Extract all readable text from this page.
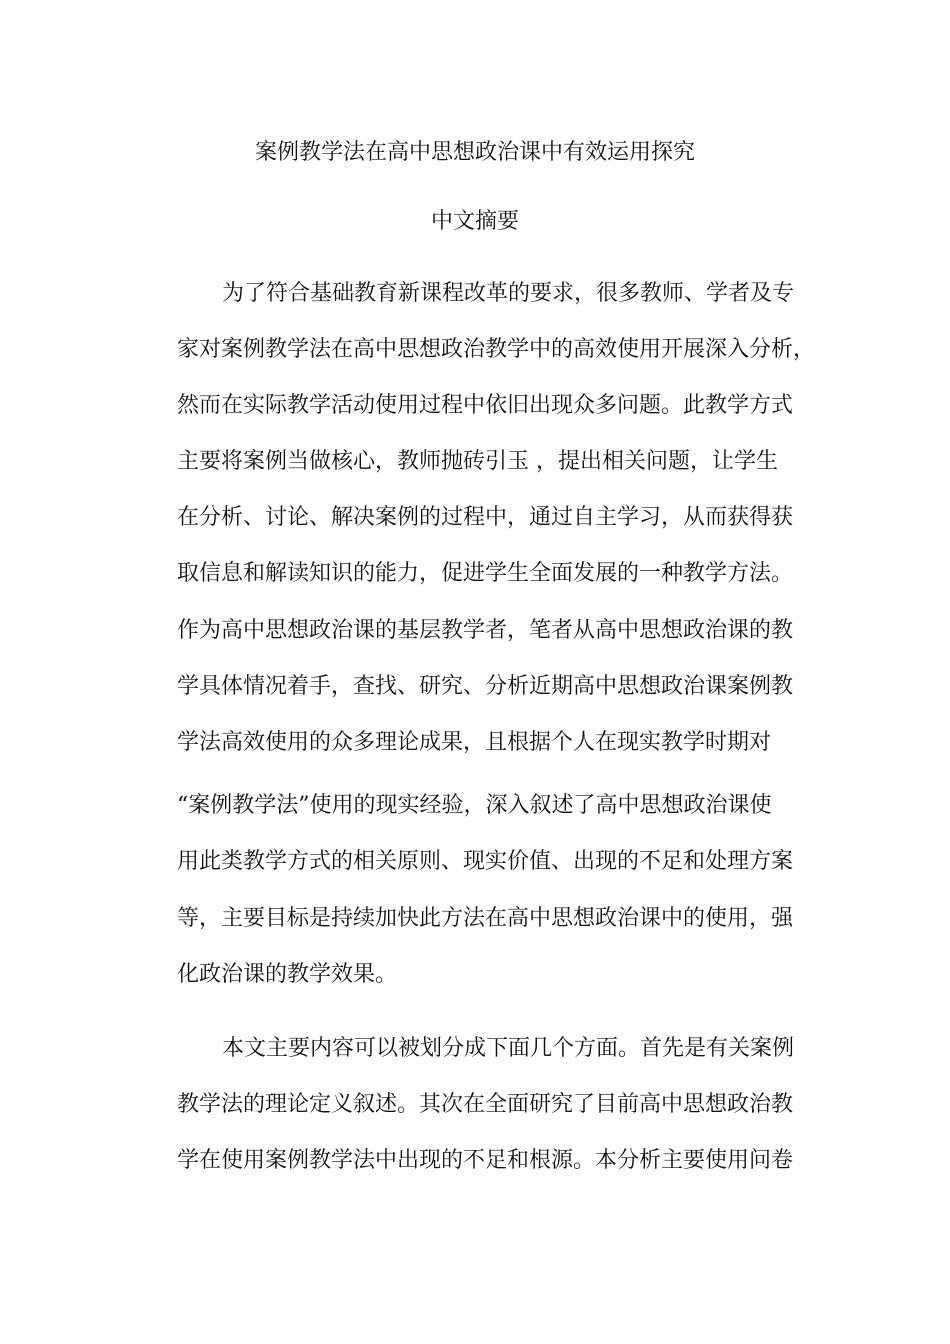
案例教学法在高中思想政治课中有效运用探究
中文摘要
为了符合基础教育新课程改革的要求，很多教师、学者及专
家对案例教学法在高中思想政治教学中的高效使用开展深入分析，
然而在实际教学活动使用过程中依旧出现众多问题。此教学方式
主要将案例当做核心，教师抛砖引玉 ，提出相关问题，让学生
在分析、讨论、解决案例的过程中，通过自主学习，从而获得获
取信息和解读知识的能力，促进学生全面发展的一种教学方法。
作为高中思想政治课的基层教学者，笔者从高中思想政治课的教
学具体情况着手，查找、研究、分析近期高中思想政治课案例教
学法高效使用的众多理论成果，且根据个人在现实教学时期对
“案例教学法”使用的现实经验，深入叙述了高中思想政治课使
用此类教学方式的相关原则、现实价值、出现的不足和处理方案
等，主要目标是持续加快此方法在高中思想政治课中的使用，强
化政治课的教学效果。
本文主要内容可以被划分成下面几个方面。首先是有关案例
教学法的理论定义叙述。其次在全面研究了目前高中思想政治教
学在使用案例教学法中出现的不足和根源。本分析主要使用问卷
